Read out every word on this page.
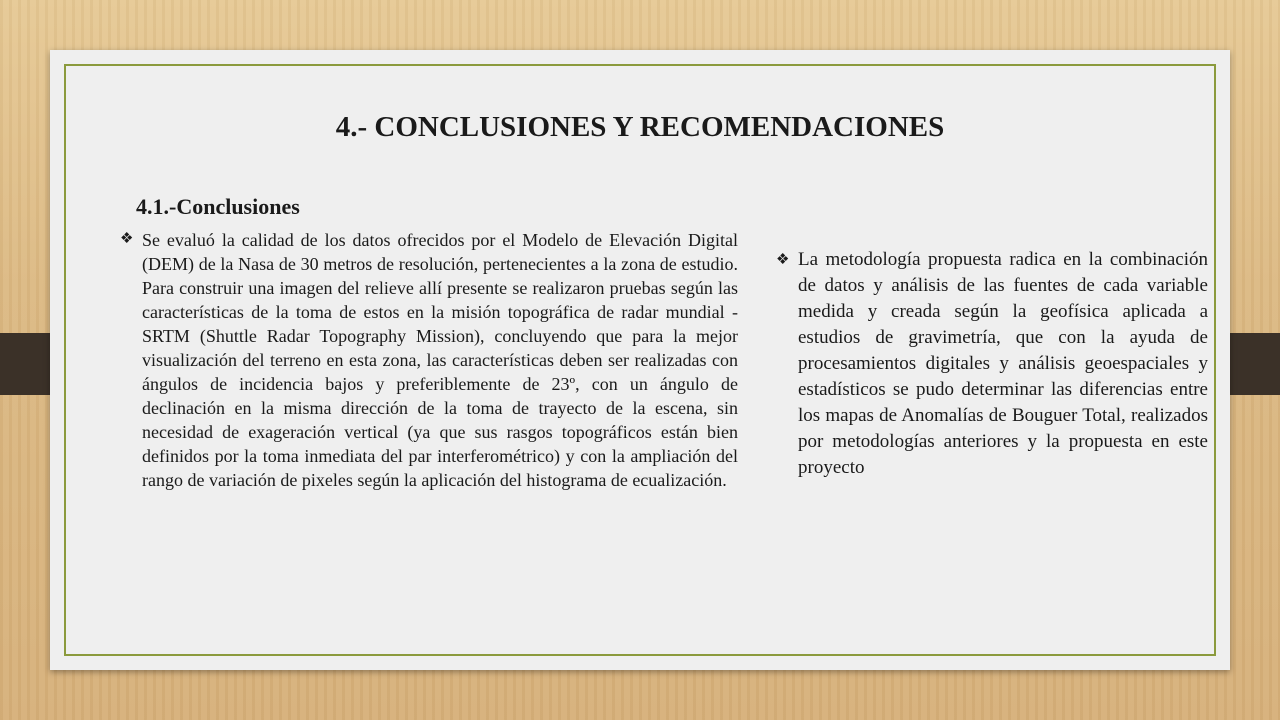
4.- CONCLUSIONES Y RECOMENDACIONES
4.1.-Conclusiones
❖ Se evaluó la calidad de los datos ofrecidos por el Modelo de Elevación Digital (DEM) de la Nasa de 30 metros de resolución, pertenecientes a la zona de estudio. Para construir una imagen del relieve allí presente se realizaron pruebas según las características de la toma de estos en la misión topográfica de radar mundial -SRTM (Shuttle Radar Topography Mission), concluyendo que para la mejor visualización del terreno en esta zona, las características deben ser realizadas con ángulos de incidencia bajos y preferiblemente de 23º, con un ángulo de declinación en la misma dirección de la toma de trayecto de la escena, sin necesidad de exageración vertical (ya que sus rasgos topográficos están bien definidos por la toma inmediata del par interferométrico) y con la ampliación del rango de variación de pixeles según la aplicación del histograma de ecualización.

❖ La metodología propuesta radica en la combinación de datos y análisis de las fuentes de cada variable medida y creada según la geofísica aplicada a estudios de gravimetría, que con la ayuda de procesamientos digitales y análisis geoespaciales y estadísticos se pudo determinar las diferencias entre los mapas de Anomalías de Bouguer Total, realizados por metodologías anteriores y la propuesta en este proyecto
